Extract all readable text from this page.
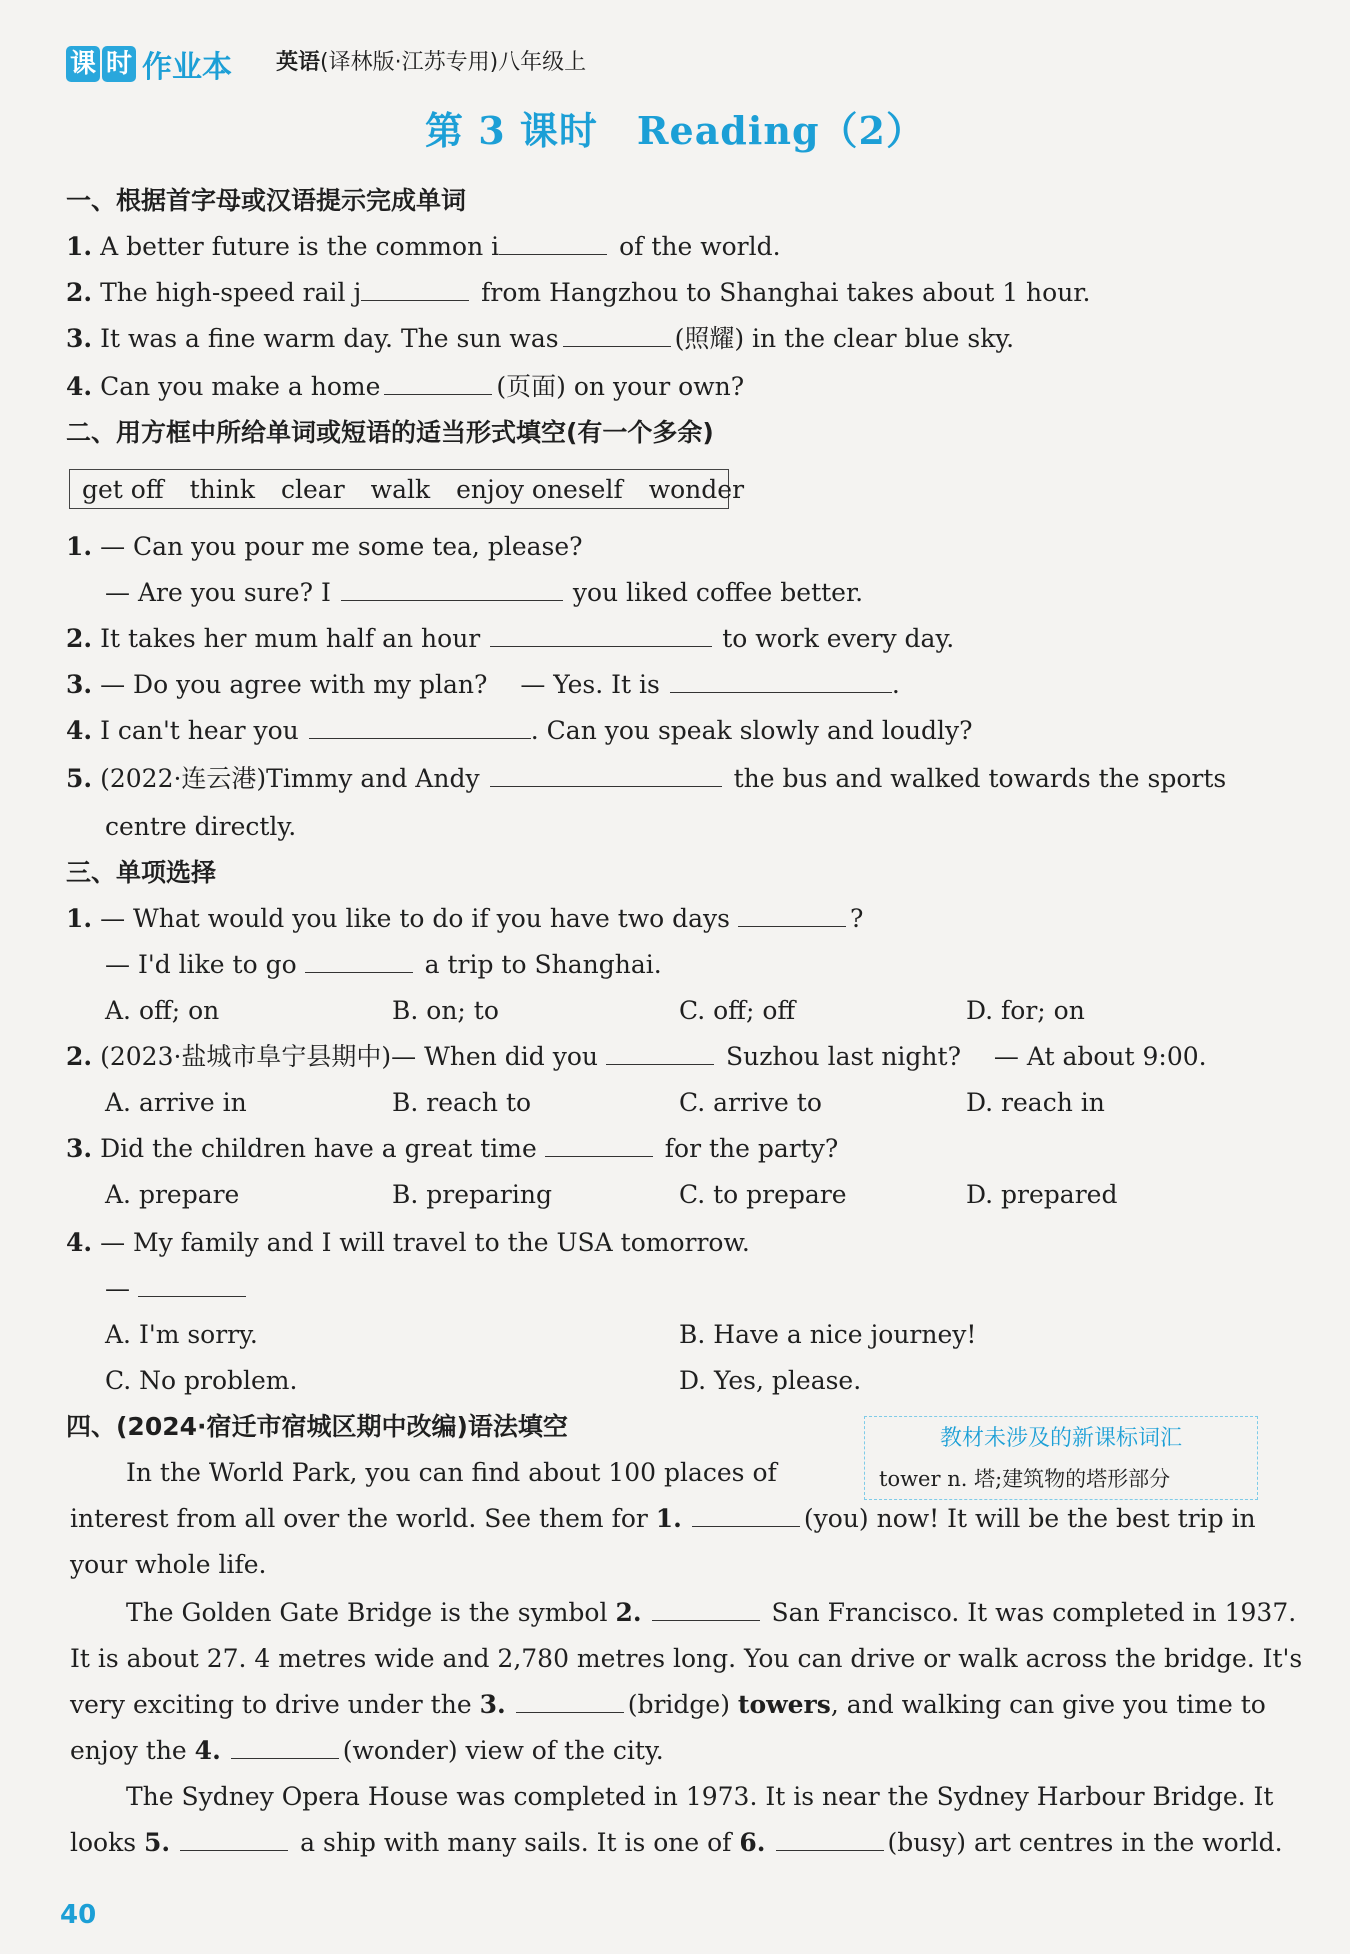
课 时 作业本 英语(译林版·江苏专用)八年级上
第 3 课时　Reading（2）
一、根据首字母或汉语提示完成单词
1. A better future is the common i	of the world.
2. The high-speed rail j	from Hangzhou to Shanghai takes about 1 hour.
3. It was a fine warm day. The sun was	(照耀) in the clear blue sky.
4. Can you make a home	(页面) on your own?
二、用方框中所给单词或短语的适当形式填空(有一个多余)
get off think clear walk enjoy oneself wonder
1. — Can you pour me some tea, please?
— Are you sure? I	you liked coffee better.
2. It takes her mum half an hour	to work every day.
3. — Do you agree with my plan?　 — Yes. It is	.
4. I can't hear you	. Can you speak slowly and loudly?
5. (2022·连云港)Timmy and Andy	the bus and walked towards the sports
centre directly.
三、单项选择
1. — What would you like to do if you have two days	?
— I'd like to go	a trip to Shanghai.
A. off; on	B. on; to	C. off; off	D. for; on
2. (2023·盐城市阜宁县期中)— When did you	Suzhou last night?　 — At about 9:00.
A. arrive in	B. reach to	C. arrive to	D. reach in
3. Did the children have a great time	for the party?
A. prepare	B. preparing	C. to prepare	D. prepared
4. — My family and I will travel to the USA tomorrow.
—
A. I'm sorry.	B. Have a nice journey!
C. No problem.	D. Yes, please.
四、(2024·宿迁市宿城区期中改编)语法填空	教材未涉及的新课标词汇
tower n. 塔;建筑物的塔形部分
In the World Park, you can find about 100 places of
interest from all over the world. See them for 1.	(you) now! It will be the best trip in
your whole life.
The Golden Gate Bridge is the symbol 2.	San Francisco. It was completed in 1937.
It is about 27. 4 metres wide and 2,780 metres long. You can drive or walk across the bridge. It's
very exciting to drive under the 3.	(bridge) towers, and walking can give you time to
enjoy the 4.	(wonder) view of the city.
The Sydney Opera House was completed in 1973. It is near the Sydney Harbour Bridge. It
looks 5.	a ship with many sails. It is one of 6.	(busy) art centres in the world.
40
